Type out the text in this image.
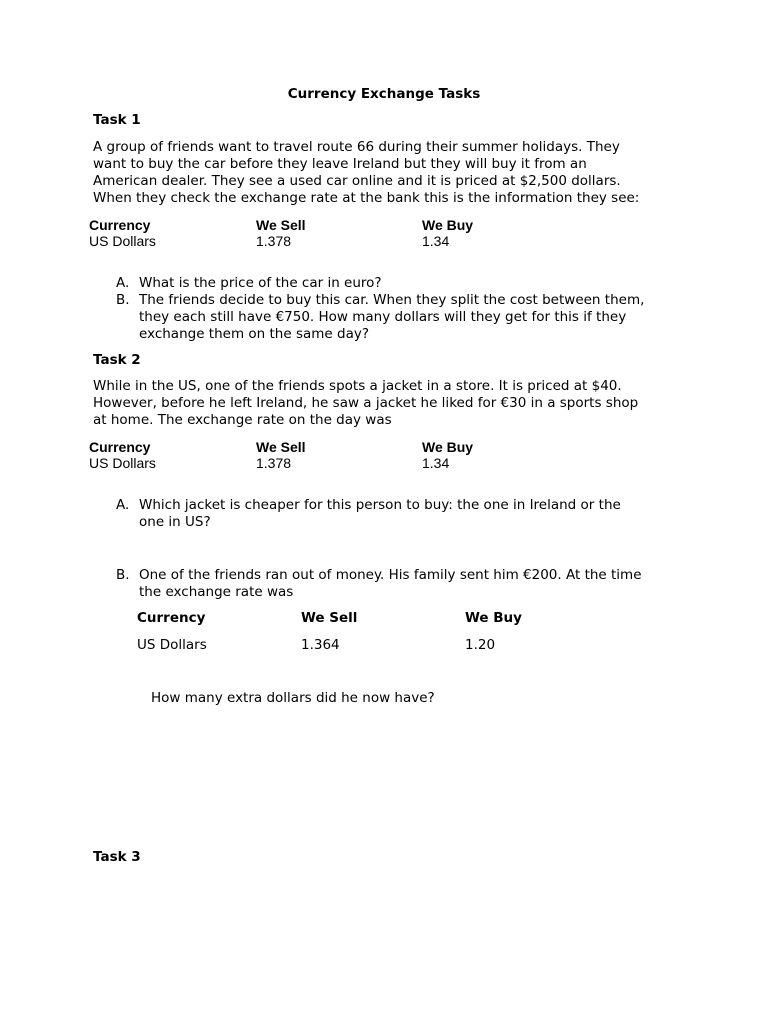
Currency Exchange Tasks
Task 1
A group of friends want to travel route 66 during their summer holidays. They
want to buy the car before they leave Ireland but they will buy it from an
American dealer. They see a used car online and it is priced at $2,500 dollars.
When they check the exchange rate at the bank this is the information they see:
Currency	We Sell	We Buy
US Dollars	1.378	1.34
A. What is the price of the car in euro?
B. The friends decide to buy this car. When they split the cost between them,
they each still have €750. How many dollars will they get for this if they
exchange them on the same day?
Task 2
While in the US, one of the friends spots a jacket in a store. It is priced at $40.
However, before he left Ireland, he saw a jacket he liked for €30 in a sports shop
at home. The exchange rate on the day was
Currency	We Sell	We Buy
US Dollars	1.378	1.34
A. Which jacket is cheaper for this person to buy: the one in Ireland or the
one in US?
B. One of the friends ran out of money. His family sent him €200. At the time
the exchange rate was
Currency	We Sell	We Buy
US Dollars	1.364	1.20
How many extra dollars did he now have?
Task 3
